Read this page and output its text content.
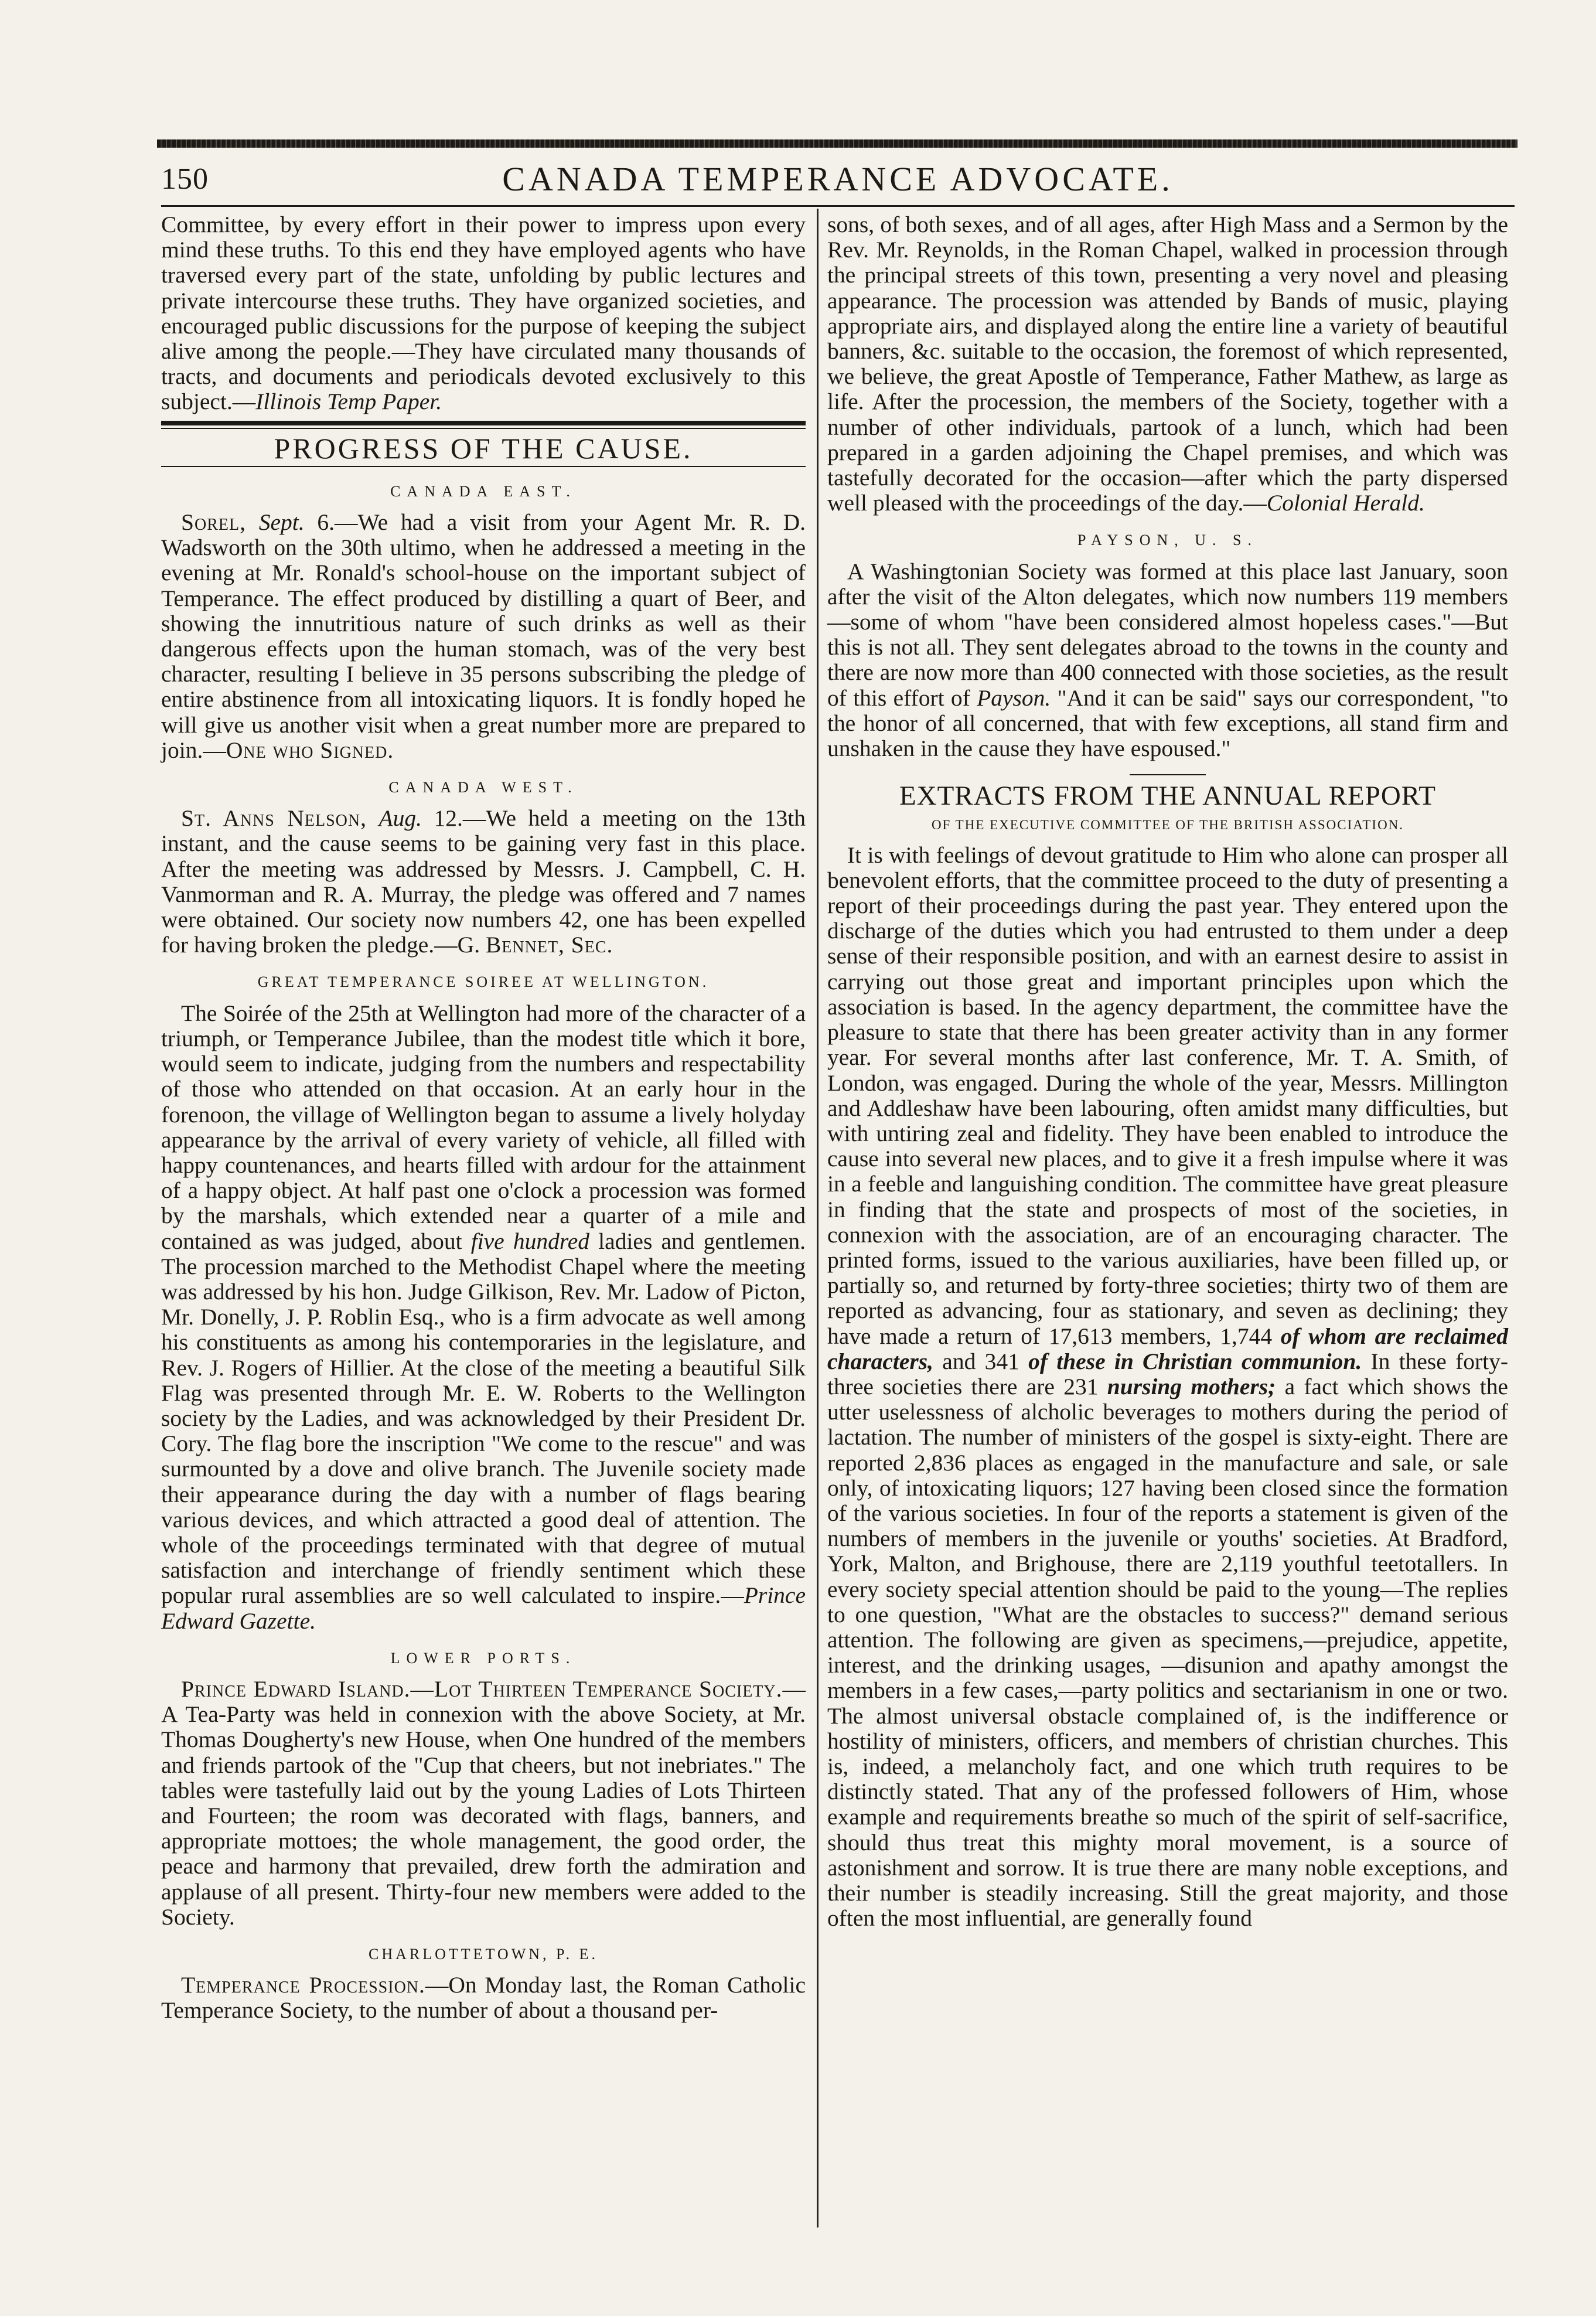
150	CANADA TEMPERANCE ADVOCATE.

Committee, by every effort in their power to impress upon every mind these truths. To this end they have employed agents who have traversed every part of the state, unfolding by public lectures and private intercourse these truths. They have organized societies, and encouraged public discussions for the purpose of keeping the subject alive among the people.—They have circulated many thousands of tracts, and documents and periodicals devoted exclusively to this subject.—Illinois Temp Paper.

PROGRESS OF THE CAUSE.
CANADA EAST.

Sorel, Sept. 6.—We had a visit from your Agent Mr. R. D. Wadsworth on the 30th ultimo, when he addressed a meeting in the evening at Mr. Ronald's school-house on the important subject of Temperance. The effect produced by distilling a quart of Beer, and showing the innutritious nature of such drinks as well as their dangerous effects upon the human stomach, was of the very best character, resulting I believe in 35 persons subscribing the pledge of entire abstinence from all intoxicating liquors. It is fondly hoped he will give us another visit when a great number more are prepared to join.—One who Signed.

CANADA WEST.

St. Anns Nelson, Aug. 12.—We held a meeting on the 13th instant, and the cause seems to be gaining very fast in this place. After the meeting was addressed by Messrs. J. Campbell, C. H. Vanmorman and R. A. Murray, the pledge was offered and 7 names were obtained. Our society now numbers 42, one has been expelled for having broken the pledge.—G. Bennet, Sec.

GREAT TEMPERANCE SOIREE AT WELLINGTON.

The Soirée of the 25th at Wellington had more of the character of a triumph, or Temperance Jubilee, than the modest title which it bore, would seem to indicate, judging from the numbers and respectability of those who attended on that occasion. At an early hour in the forenoon, the village of Wellington began to assume a lively holyday appearance by the arrival of every variety of vehicle, all filled with happy countenances, and hearts filled with ardour for the attainment of a happy object. At half past one o'clock a procession was formed by the marshals, which extended near a quarter of a mile and contained as was judged, about five hundred ladies and gentlemen. The procession marched to the Methodist Chapel where the meeting was addressed by his hon. Judge Gilkison, Rev. Mr. Ladow of Picton, Mr. Donelly, J. P. Roblin Esq., who is a firm advocate as well among his constituents as among his contemporaries in the legislature, and Rev. J. Rogers of Hillier. At the close of the meeting a beautiful Silk Flag was presented through Mr. E. W. Roberts to the Wellington society by the Ladies, and was acknowledged by their President Dr. Cory. The flag bore the inscription "We come to the rescue" and was surmounted by a dove and olive branch. The Juvenile society made their appearance during the day with a number of flags bearing various devices, and which attracted a good deal of attention. The whole of the proceedings terminated with that degree of mutual satisfaction and interchange of friendly sentiment which these popular rural assemblies are so well calculated to inspire.—Prince Edward Gazette.

LOWER PORTS.

Prince Edward Island.—Lot Thirteen Temperance Society.—A Tea-Party was held in connexion with the above Society, at Mr. Thomas Dougherty's new House, when One hundred of the members and friends partook of the "Cup that cheers, but not inebriates." The tables were tastefully laid out by the young Ladies of Lots Thirteen and Fourteen; the room was decorated with flags, banners, and appropriate mottoes; the whole management, the good order, the peace and harmony that prevailed, drew forth the admiration and applause of all present. Thirty-four new members were added to the Society.

CHARLOTTETOWN, P. E.

Temperance Procession.—On Monday last, the Roman Catholic Temperance Society, to the number of about a thousand per-

sons, of both sexes, and of all ages, after High Mass and a Sermon by the Rev. Mr. Reynolds, in the Roman Chapel, walked in procession through the principal streets of this town, presenting a very novel and pleasing appearance. The procession was attended by Bands of music, playing appropriate airs, and displayed along the entire line a variety of beautiful banners, &c. suitable to the occasion, the foremost of which represented, we believe, the great Apostle of Temperance, Father Mathew, as large as life. After the procession, the members of the Society, together with a number of other individuals, partook of a lunch, which had been prepared in a garden adjoining the Chapel premises, and which was tastefully decorated for the occasion—after which the party dispersed well pleased with the proceedings of the day.—Colonial Herald.

PAYSON, U. S.

A Washingtonian Society was formed at this place last January, soon after the visit of the Alton delegates, which now numbers 119 members—some of whom "have been considered almost hopeless cases."—But this is not all. They sent delegates abroad to the towns in the county and there are now more than 400 connected with those societies, as the result of this effort of Payson. "And it can be said" says our correspondent, "to the honor of all concerned, that with few exceptions, all stand firm and unshaken in the cause they have espoused."

EXTRACTS FROM THE ANNUAL REPORT
OF THE EXECUTIVE COMMITTEE OF THE BRITISH ASSOCIATION.

It is with feelings of devout gratitude to Him who alone can prosper all benevolent efforts, that the committee proceed to the duty of presenting a report of their proceedings during the past year. They entered upon the discharge of the duties which you had entrusted to them under a deep sense of their responsible position, and with an earnest desire to assist in carrying out those great and important principles upon which the association is based. In the agency department, the committee have the pleasure to state that there has been greater activity than in any former year. For several months after last conference, Mr. T. A. Smith, of London, was engaged. During the whole of the year, Messrs. Millington and Addleshaw have been labouring, often amidst many difficulties, but with untiring zeal and fidelity. They have been enabled to introduce the cause into several new places, and to give it a fresh impulse where it was in a feeble and languishing condition. The committee have great pleasure in finding that the state and prospects of most of the societies, in connexion with the association, are of an encouraging character. The printed forms, issued to the various auxiliaries, have been filled up, or partially so, and returned by forty-three societies; thirty two of them are reported as advancing, four as stationary, and seven as declining; they have made a return of 17,613 members, 1,744 of whom are reclaimed characters, and 341 of these in Christian communion. In these forty-three societies there are 231 nursing mothers; a fact which shows the utter uselessness of alcholic beverages to mothers during the period of lactation. The number of ministers of the gospel is sixty-eight. There are reported 2,836 places as engaged in the manufacture and sale, or sale only, of intoxicating liquors; 127 having been closed since the formation of the various societies. In four of the reports a statement is given of the numbers of members in the juvenile or youths' societies. At Bradford, York, Malton, and Brighouse, there are 2,119 youthful teetotallers. In every society special attention should be paid to the young—The replies to one question, "What are the obstacles to success?" demand serious attention. The following are given as specimens,—prejudice, appetite, interest, and the drinking usages, —disunion and apathy amongst the members in a few cases,—party politics and sectarianism in one or two. The almost universal obstacle complained of, is the indifference or hostility of ministers, officers, and members of christian churches. This is, indeed, a melancholy fact, and one which truth requires to be distinctly stated. That any of the professed followers of Him, whose example and requirements breathe so much of the spirit of self-sacrifice, should thus treat this mighty moral movement, is a source of astonishment and sorrow. It is true there are many noble exceptions, and their number is steadily increasing. Still the great majority, and those often the most influential, are generally found
